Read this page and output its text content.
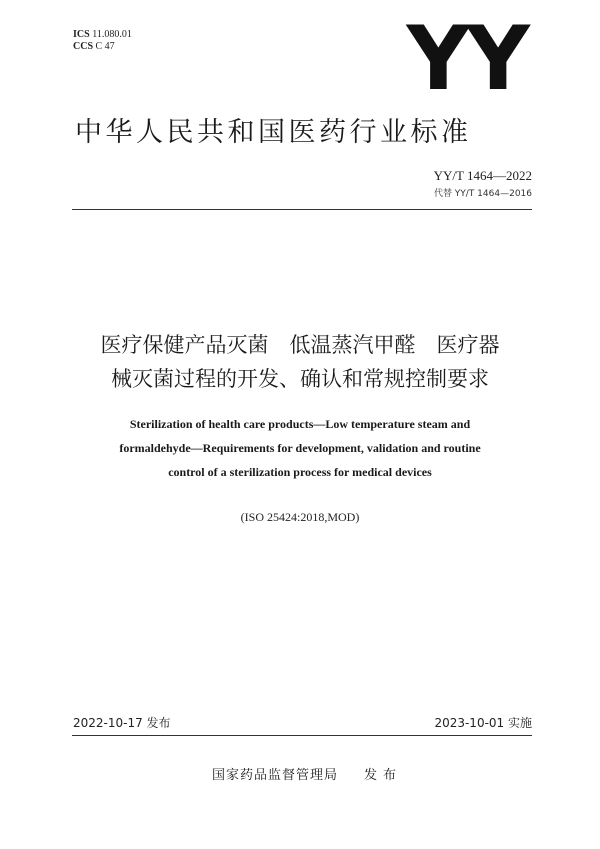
ICS 11.080.01
CCS C 47	YY
中华人民共和国医药行业标准
YY/T 1464—2022
代替 YY/T 1464—2016
医疗保健产品灭菌　低温蒸汽甲醛　医疗器
械灭菌过程的开发、确认和常规控制要求
Sterilization of health care products—Low temperature steam and
formaldehyde—Requirements for development, validation and routine
control of a sterilization process for medical devices
(ISO 25424:2018,MOD)
2022-10-17 发布	2023-10-01 实施
国家药品监督管理局 发布
